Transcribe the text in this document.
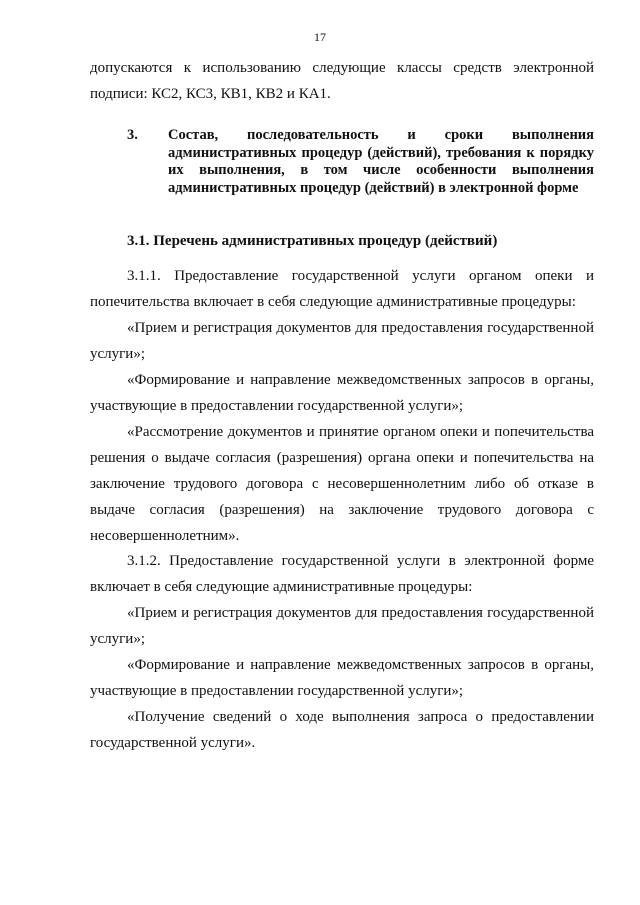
17

допускаются к использованию следующие классы средств электронной подписи: КС2, КС3, КВ1, КВ2 и КА1.

3. Состав, последовательность и сроки выполнения административных процедур (действий), требования к порядку их выполнения, в том числе особенности выполнения административных процедур (действий) в электронной форме
3.1. Перечень административных процедур (действий)

3.1.1. Предоставление государственной услуги органом опеки и попечительства включает в себя следующие административные процедуры:

«Прием и регистрация документов для предоставления государственной услуги»;

«Формирование и направление межведомственных запросов в органы, участвующие в предоставлении государственной услуги»;

«Рассмотрение документов и принятие органом опеки и попечительства решения о выдаче согласия (разрешения) органа опеки и попечительства на заключение трудового договора с несовершеннолетним либо об отказе в выдаче согласия (разрешения) на заключение трудового договора с несовершеннолетним».

3.1.2. Предоставление государственной услуги в электронной форме включает в себя следующие административные процедуры:

«Прием и регистрация документов для предоставления государственной услуги»;

«Формирование и направление межведомственных запросов в органы, участвующие в предоставлении государственной услуги»;

«Получение сведений о ходе выполнения запроса о предоставлении государственной услуги».
